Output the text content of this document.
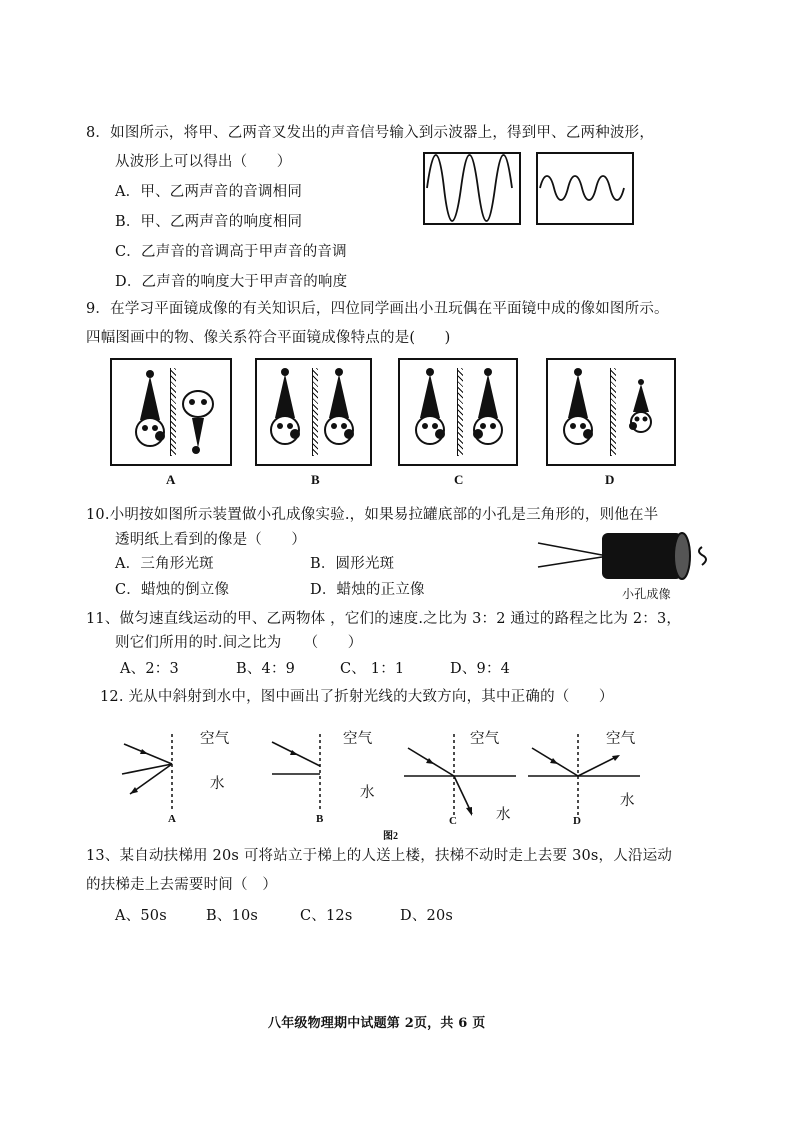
8．如图所示，将甲、乙两音叉发出的声音信号输入到示波器上，得到甲、乙两种波形，
从波形上可以得出（　　）
A．甲、乙两声音的音调相同
B．甲、乙两声音的响度相同
C．乙声音的音调高于甲声音的音调
D．乙声音的响度大于甲声音的响度
9．在学习平面镜成像的有关知识后，四位同学画出小丑玩偶在平面镜中成的像如图所示。
四幅图画中的物、像关系符合平面镜成像特点的是(　　)
A	B	C	D
10.小明按如图所示装置做小孔成像实验.，如果易拉罐底部的小孔是三角形的，则他在半
透明纸上看到的像是（　　）
A．三角形光斑	B．圆形光斑
C．蜡烛的倒立像	D．蜡烛的正立像	小孔成像
11、做匀速直线运动的甲、乙两物体 ，它们的速度.之比为 3：2 通过的路程之比为 2：3，
则它们所用的时.间之比为　　（　　）
A、2：3	B、4：9	C、 1：1	D、9：4
12. 光从中斜射到水中，图中画出了折射光线的大致方向，其中正确的（　　）
空气
水
A
空气
水
B
空气
水
C
图2
空气
水
D
13、某自动扶梯用 20s 可将站立于梯上的人送上楼，扶梯不动时走上去要 30s，人沿运动
的扶梯走上去需要时间（　）
A、50s	B、10s	C、12s	D、20s
八年级物理期中试题第 2页，共 6 页
